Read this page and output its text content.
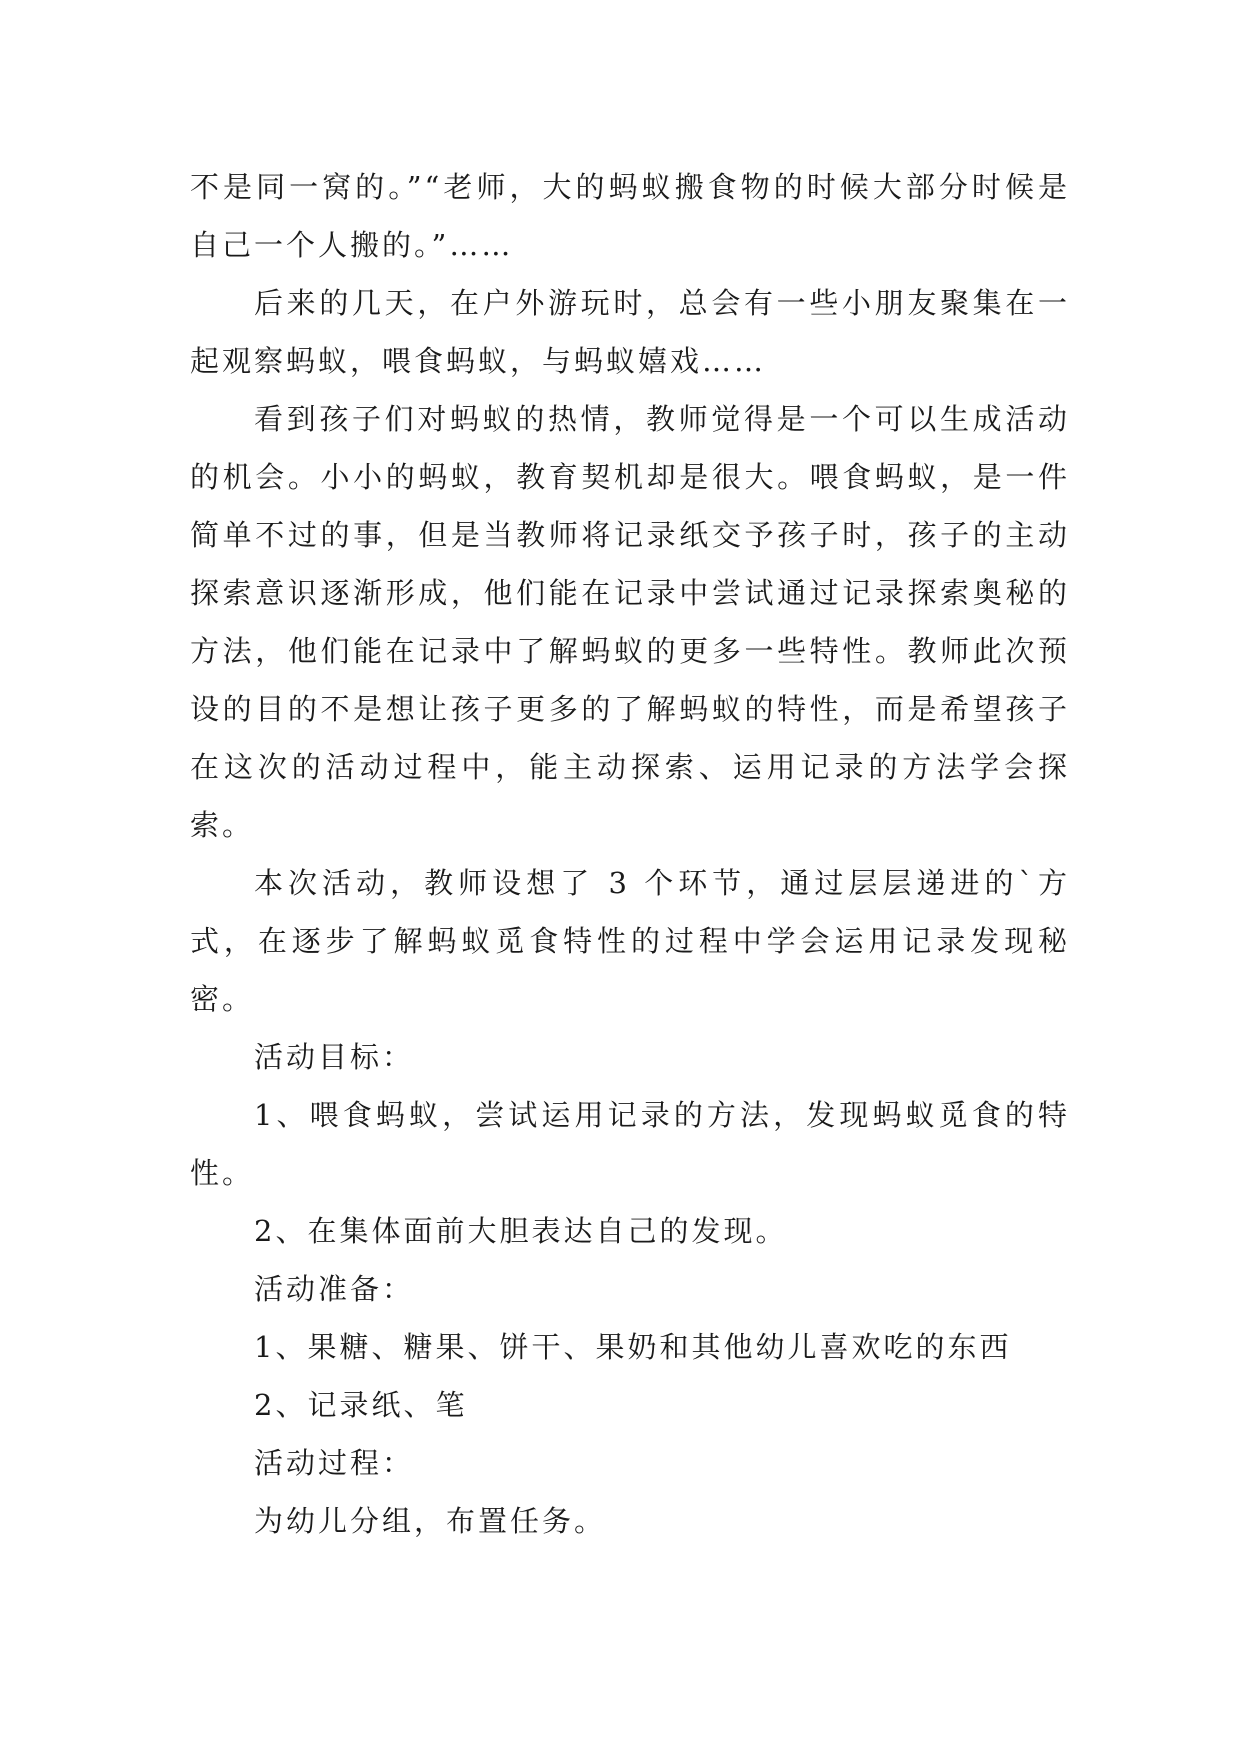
不是同一窝的。”“老师，大的蚂蚁搬食物的时候大部分时候是自己一个人搬的。”……

后来的几天，在户外游玩时，总会有一些小朋友聚集在一起观察蚂蚁，喂食蚂蚁，与蚂蚁嬉戏……

看到孩子们对蚂蚁的热情，教师觉得是一个可以生成活动的机会。小小的蚂蚁，教育契机却是很大。喂食蚂蚁，是一件简单不过的事，但是当教师将记录纸交予孩子时，孩子的主动探索意识逐渐形成，他们能在记录中尝试通过记录探索奥秘的方法，他们能在记录中了解蚂蚁的更多一些特性。教师此次预设的目的不是想让孩子更多的了解蚂蚁的特性，而是希望孩子在这次的活动过程中，能主动探索、运用记录的方法学会探索。

本次活动，教师设想了 3 个环节，通过层层递进的`方式，在逐步了解蚂蚁觅食特性的过程中学会运用记录发现秘密。

活动目标：

1、喂食蚂蚁，尝试运用记录的方法，发现蚂蚁觅食的特性。

2、在集体面前大胆表达自己的发现。

活动准备：

1、果糖、糖果、饼干、果奶和其他幼儿喜欢吃的东西

2、记录纸、笔

活动过程：

为幼儿分组，布置任务。
